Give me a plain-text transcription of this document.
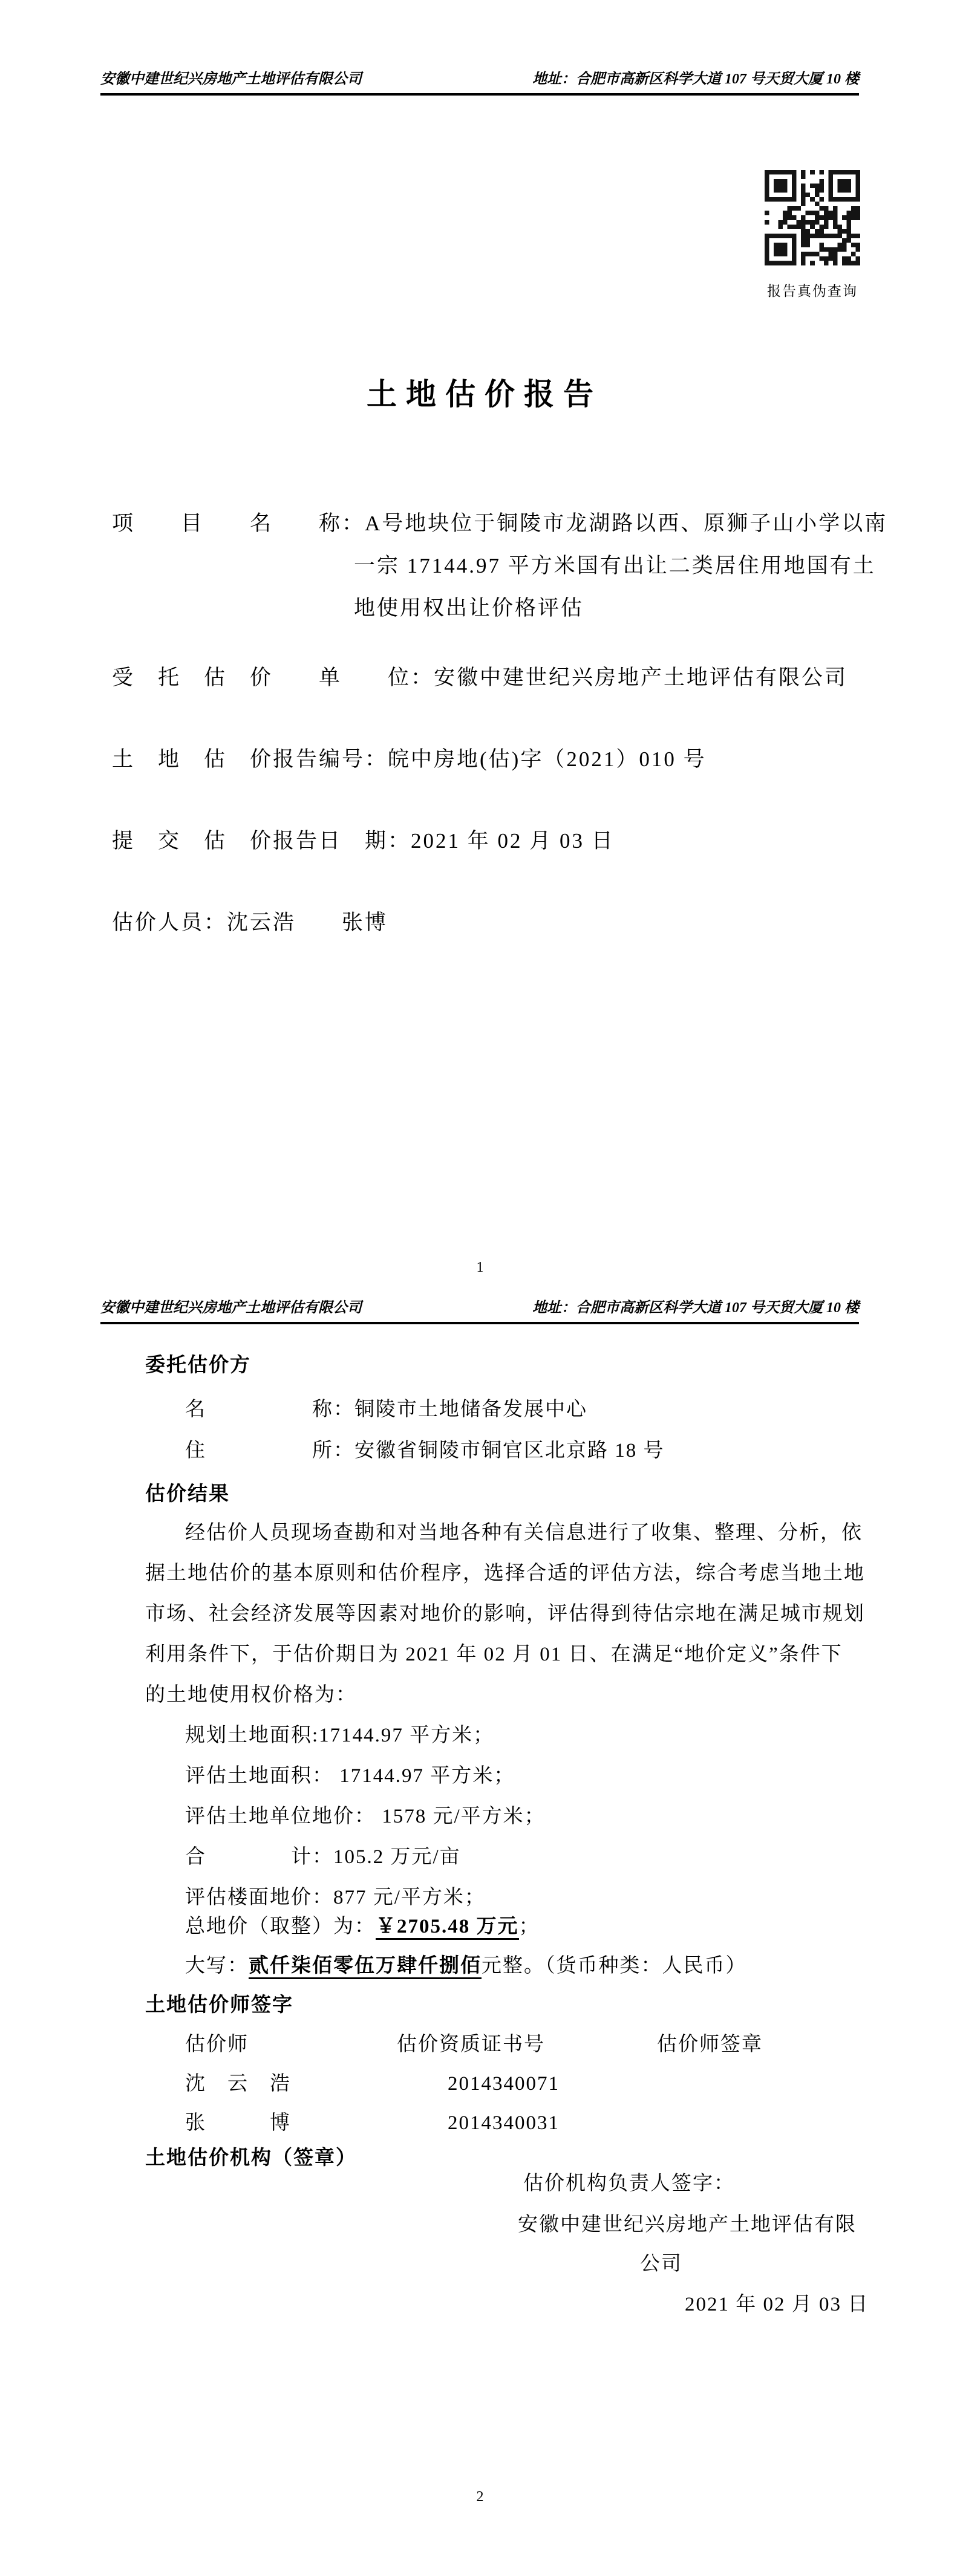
安徽中建世纪兴房地产土地评估有限公司	地址：合肥市高新区科学大道 107 号天贸大厦 10 楼
报告真伪查询
土地估价报告
项　　目　　名　　称：A号地块位于铜陵市龙湖路以西、原狮子山小学以南
一宗 17144.97 平方米国有出让二类居住用地国有土
地使用权出让价格评估
受　托　估　价　　单　　位：安徽中建世纪兴房地产土地评估有限公司
土　地　估　价报告编号：皖中房地(估)字（2021）010 号
提　交　估　价报告日　期：2021 年 02 月 03 日
估价人员：沈云浩　　张博
1
安徽中建世纪兴房地产土地评估有限公司	地址：合肥市高新区科学大道 107 号天贸大厦 10 楼
委托估价方
名　　　　　称：铜陵市土地储备发展中心
住　　　　　所：安徽省铜陵市铜官区北京路 18 号
估价结果
经估价人员现场查勘和对当地各种有关信息进行了收集、整理、分析，依
据土地估价的基本原则和估价程序，选择合适的评估方法，综合考虑当地土地
市场、社会经济发展等因素对地价的影响，评估得到待估宗地在满足城市规划
利用条件下，于估价期日为 2021 年 02 月 01 日、在满足“地价定义”条件下
的土地使用权价格为：
规划土地面积:17144.97 平方米；
评估土地面积： 17144.97 平方米；
评估土地单位地价： 1578 元/平方米；
合　　　　计：105.2 万元/亩
评估楼面地价：877 元/平方米；
总地价（取整）为：￥2705.48 万元；
大写：贰仟柒佰零伍万肆仟捌佰元整。（货币种类：人民币）
土地估价师签字
估价师	估价资质证书号	估价师签章
沈　云　浩	2014340071
张　　　博	2014340031
土地估价机构（签章）
估价机构负责人签字：
安徽中建世纪兴房地产土地评估有限
公司
2021 年 02 月 03 日
2
